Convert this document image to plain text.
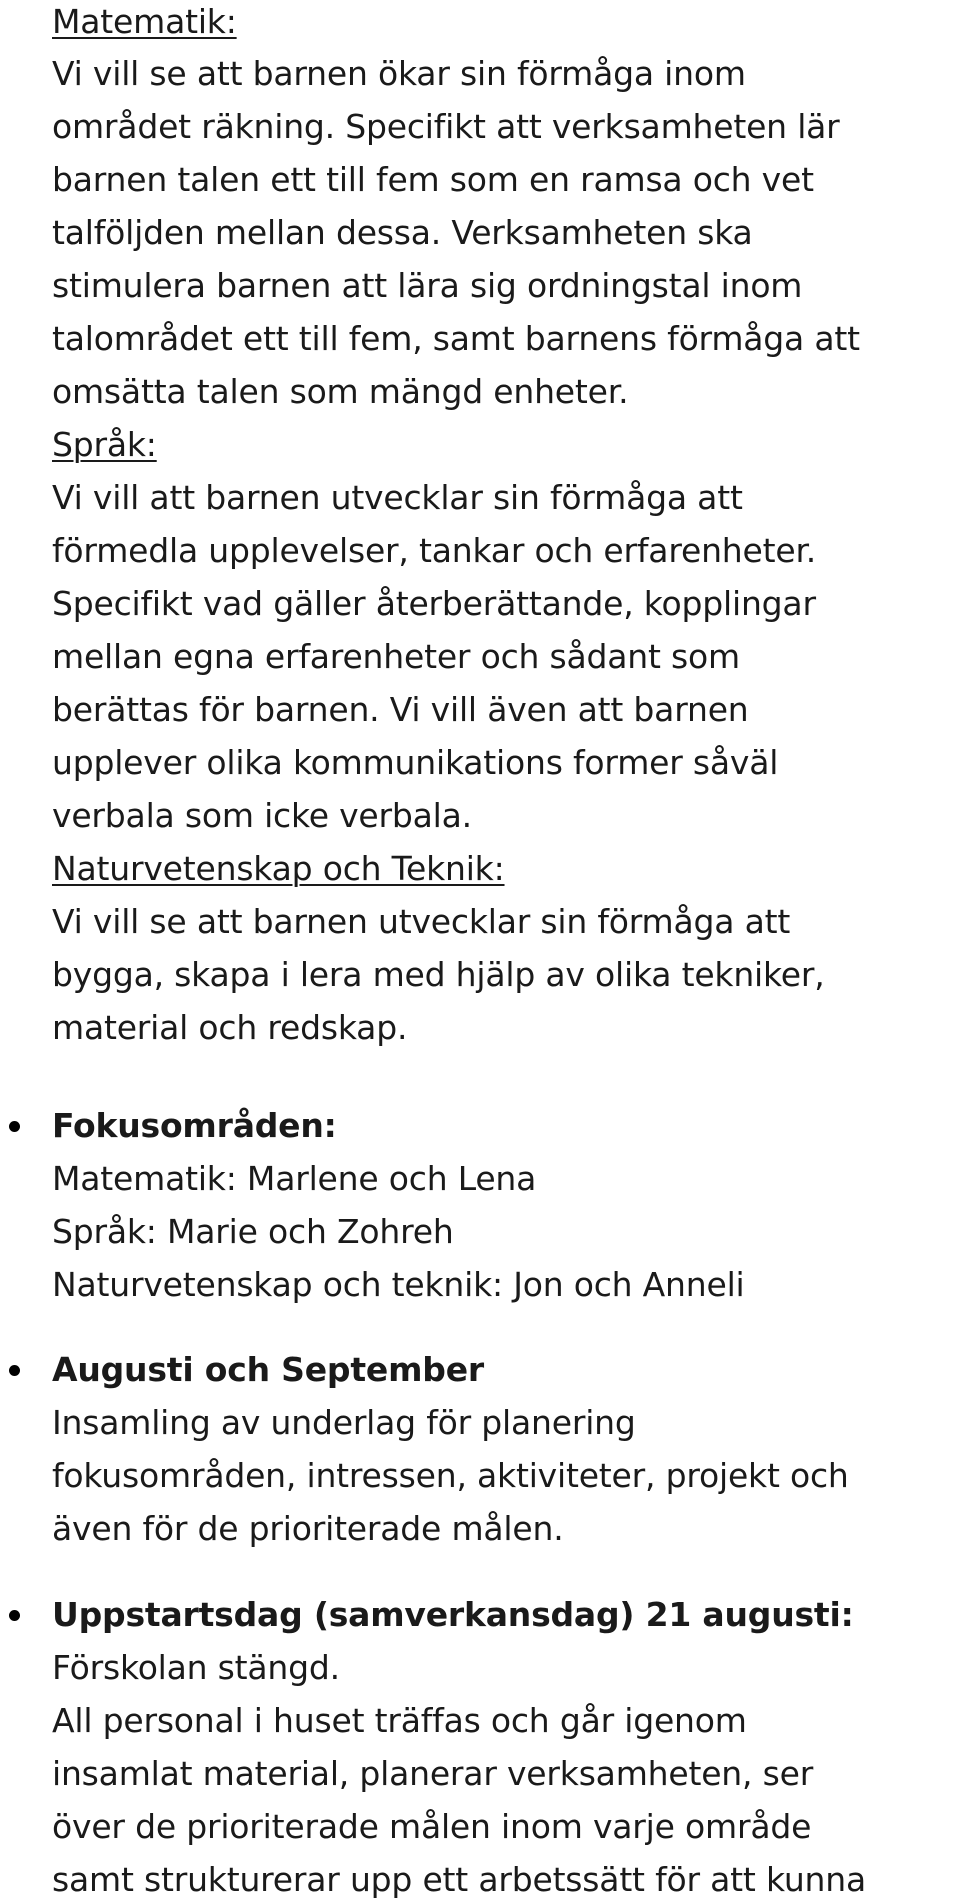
Matematik:
Vi vill se att barnen ökar sin förmåga inom
området räkning. Specifikt att verksamheten lär
barnen talen ett till fem som en ramsa och vet
talföljden mellan dessa. Verksamheten ska
stimulera barnen att lära sig ordningstal inom
talområdet ett till fem, samt barnens förmåga att
omsätta talen som mängd enheter.
Språk:
Vi vill att barnen utvecklar sin förmåga att
förmedla upplevelser, tankar och erfarenheter.
Specifikt vad gäller återberättande, kopplingar
mellan egna erfarenheter och sådant som
berättas för barnen. Vi vill även att barnen
upplever olika kommunikations former såväl
verbala som icke verbala.
Naturvetenskap och Teknik:
Vi vill se att barnen utvecklar sin förmåga att
bygga, skapa i lera med hjälp av olika tekniker,
material och redskap.
Fokusområden:
Matematik: Marlene och Lena
Språk: Marie och Zohreh
Naturvetenskap och teknik: Jon och Anneli
Augusti och September
Insamling av underlag för planering
fokusområden, intressen, aktiviteter, projekt och
även för de prioriterade målen.
Uppstartsdag (samverkansdag) 21 augusti:
Förskolan stängd.
All personal i huset träffas och går igenom
insamlat material, planerar verksamheten, ser
över de prioriterade målen inom varje område
samt strukturerar upp ett arbetssätt för att kunna
